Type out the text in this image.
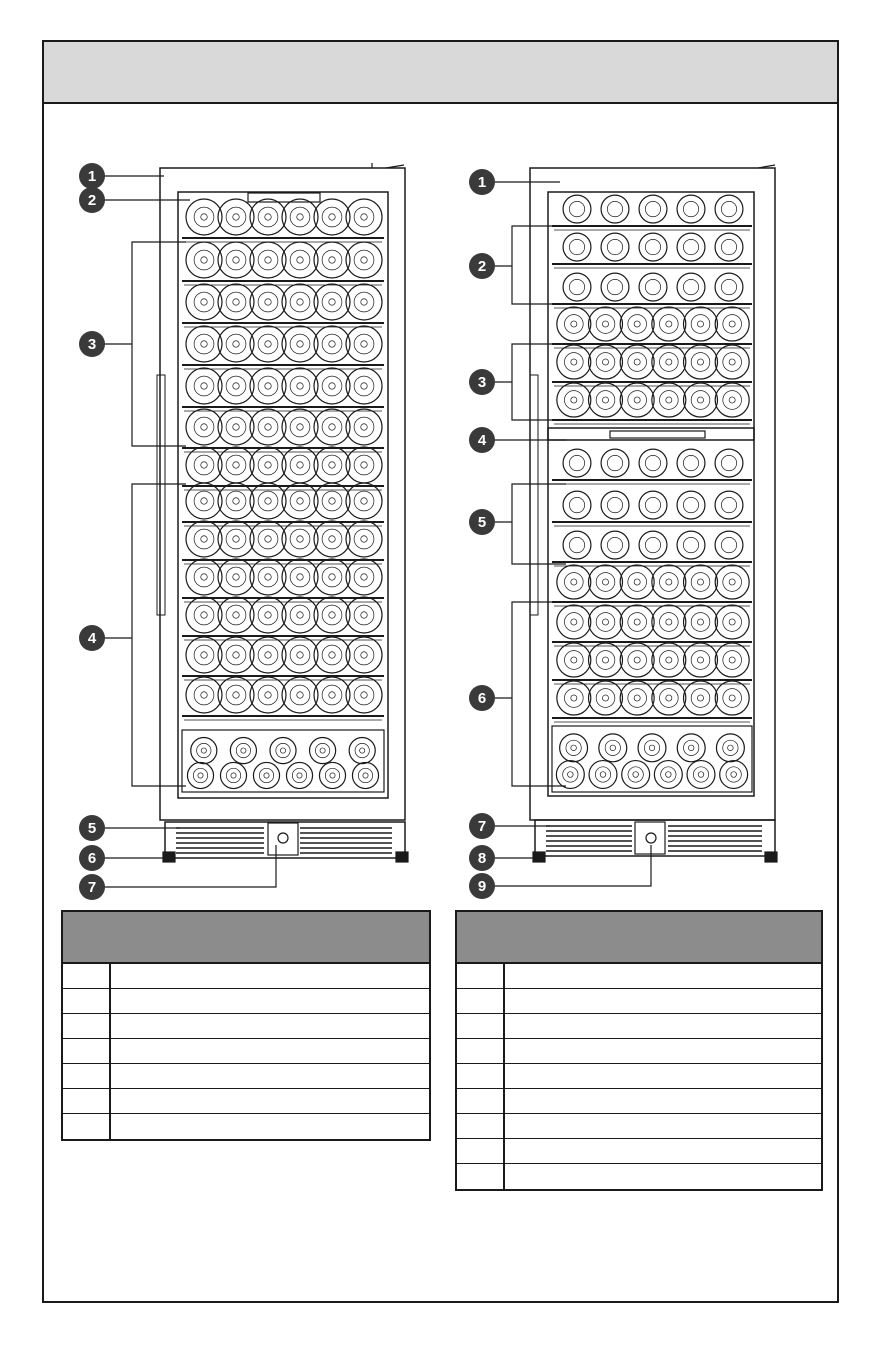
1
2
3
4
5
6
7
1
2
3
4
5
6
7
8
9
